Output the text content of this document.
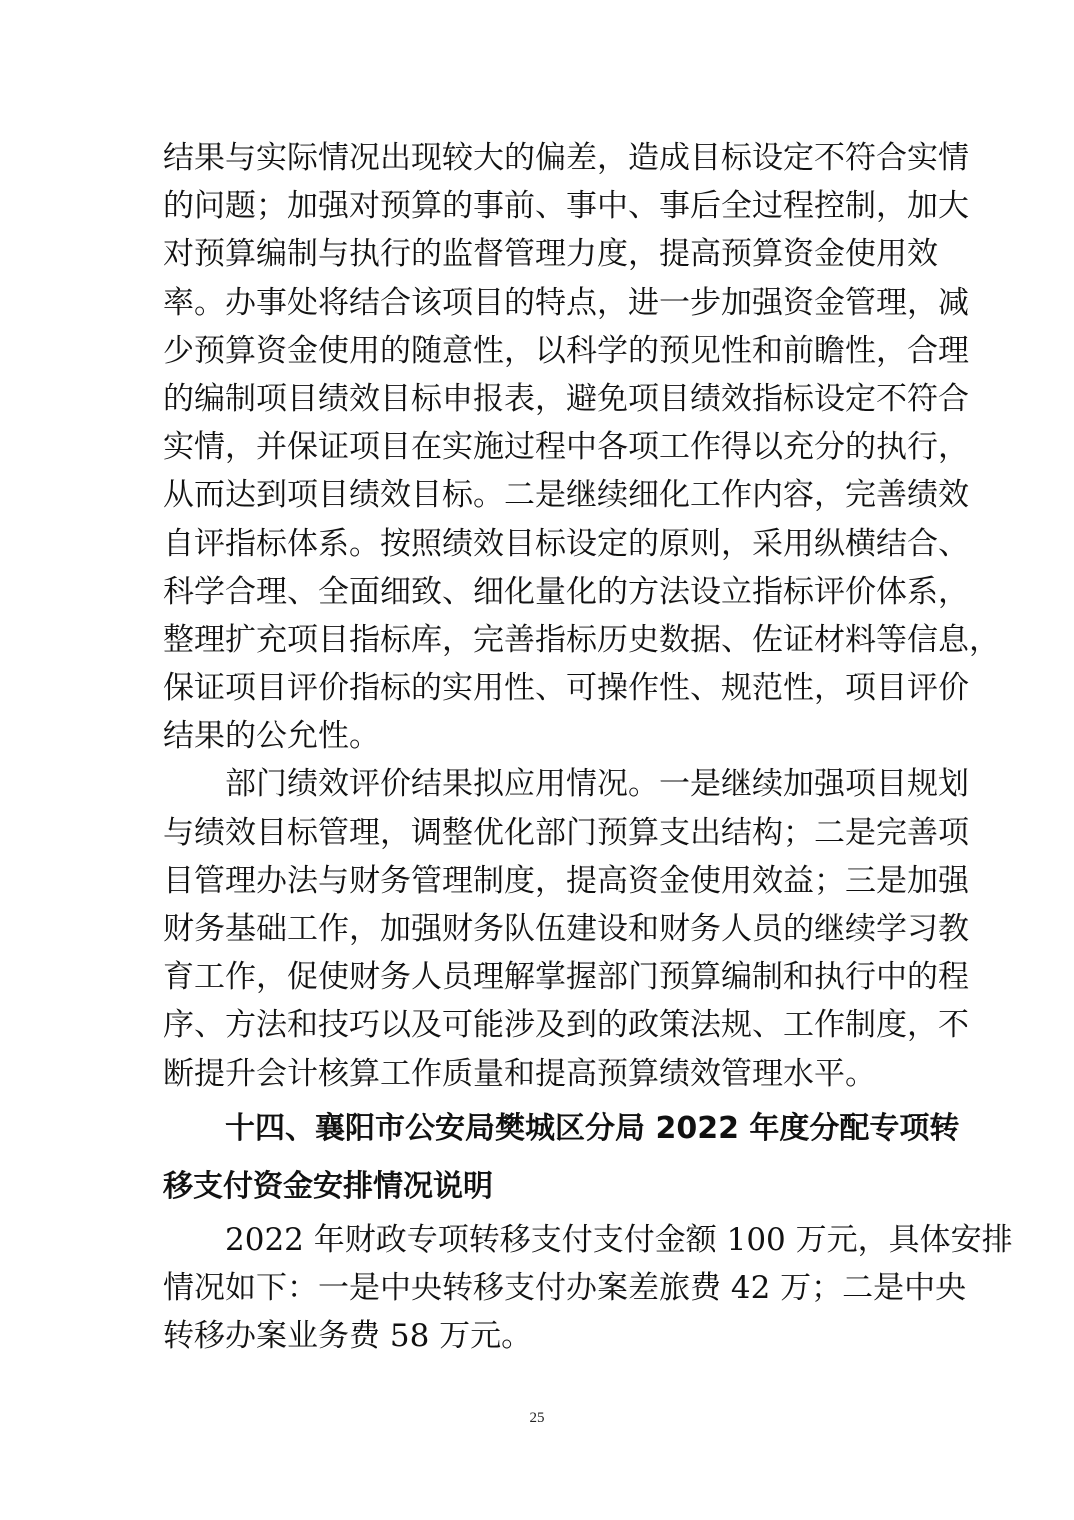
结果与实际情况出现较大的偏差，造成目标设定不符合实情
的问题；加强对预算的事前、事中、事后全过程控制，加大
对预算编制与执行的监督管理力度，提高预算资金使用效
率。办事处将结合该项目的特点，进一步加强资金管理，减
少预算资金使用的随意性，以科学的预见性和前瞻性，合理
的编制项目绩效目标申报表，避免项目绩效指标设定不符合
实情，并保证项目在实施过程中各项工作得以充分的执行，
从而达到项目绩效目标。二是继续细化工作内容，完善绩效
自评指标体系。按照绩效目标设定的原则，采用纵横结合、
科学合理、全面细致、细化量化的方法设立指标评价体系，
整理扩充项目指标库，完善指标历史数据、佐证材料等信息，
保证项目评价指标的实用性、可操作性、规范性，项目评价
结果的公允性。
部门绩效评价结果拟应用情况。一是继续加强项目规划
与绩效目标管理，调整优化部门预算支出结构；二是完善项
目管理办法与财务管理制度，提高资金使用效益；三是加强
财务基础工作，加强财务队伍建设和财务人员的继续学习教
育工作，促使财务人员理解掌握部门预算编制和执行中的程
序、方法和技巧以及可能涉及到的政策法规、工作制度，不
断提升会计核算工作质量和提高预算绩效管理水平。
十四、襄阳市公安局樊城区分局 2022 年度分配专项转
移支付资金安排情况说明
2022 年财政专项转移支付支付金额 100 万元，具体安排
情况如下：一是中央转移支付办案差旅费 42 万；二是中央
转移办案业务费 58 万元。
25
